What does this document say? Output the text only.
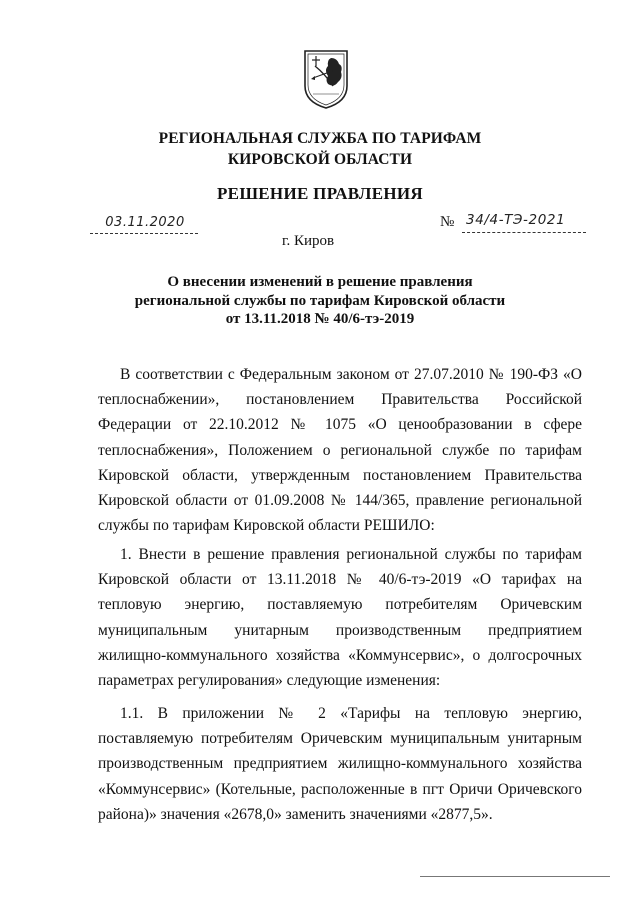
РЕГИОНАЛЬНАЯ СЛУЖБА ПО ТАРИФАМ
КИРОВСКОЙ ОБЛАСТИ
РЕШЕНИЕ ПРАВЛЕНИЯ
03.11.2020	№ 34/4-ТЭ-2021
г. Киров
О внесении изменений в решение правления
региональной службы по тарифам Кировской области
от 13.11.2018 № 40/6-тэ-2019

В соответствии с Федеральным законом от 27.07.2010 № 190-ФЗ «О теплоснабжении», постановлением Правительства Российской Федерации от 22.10.2012 № 1075 «О ценообразовании в сфере теплоснабжения», Положением о региональной службе по тарифам Кировской области, утвержденным постановлением Правительства Кировской области от 01.09.2008 № 144/365, правление региональной службы по тарифам Кировской области РЕШИЛО:

1. Внести в решение правления региональной службы по тарифам Кировской области от 13.11.2018 № 40/6-тэ-2019 «О тарифах на тепловую энергию, поставляемую потребителям Оричевским муниципальным унитарным производственным предприятием жилищно-коммунального хозяйства «Коммунсервис», о долгосрочных параметрах регулирования» следующие изменения:

1.1. В приложении № 2 «Тарифы на тепловую энергию, поставляемую потребителям Оричевским муниципальным унитарным производственным предприятием жилищно-коммунального хозяйства «Коммунсервис» (Котельные, расположенные в пгт Оричи Оричевского района)» значения «2678,0» заменить значениями «2877,5».
